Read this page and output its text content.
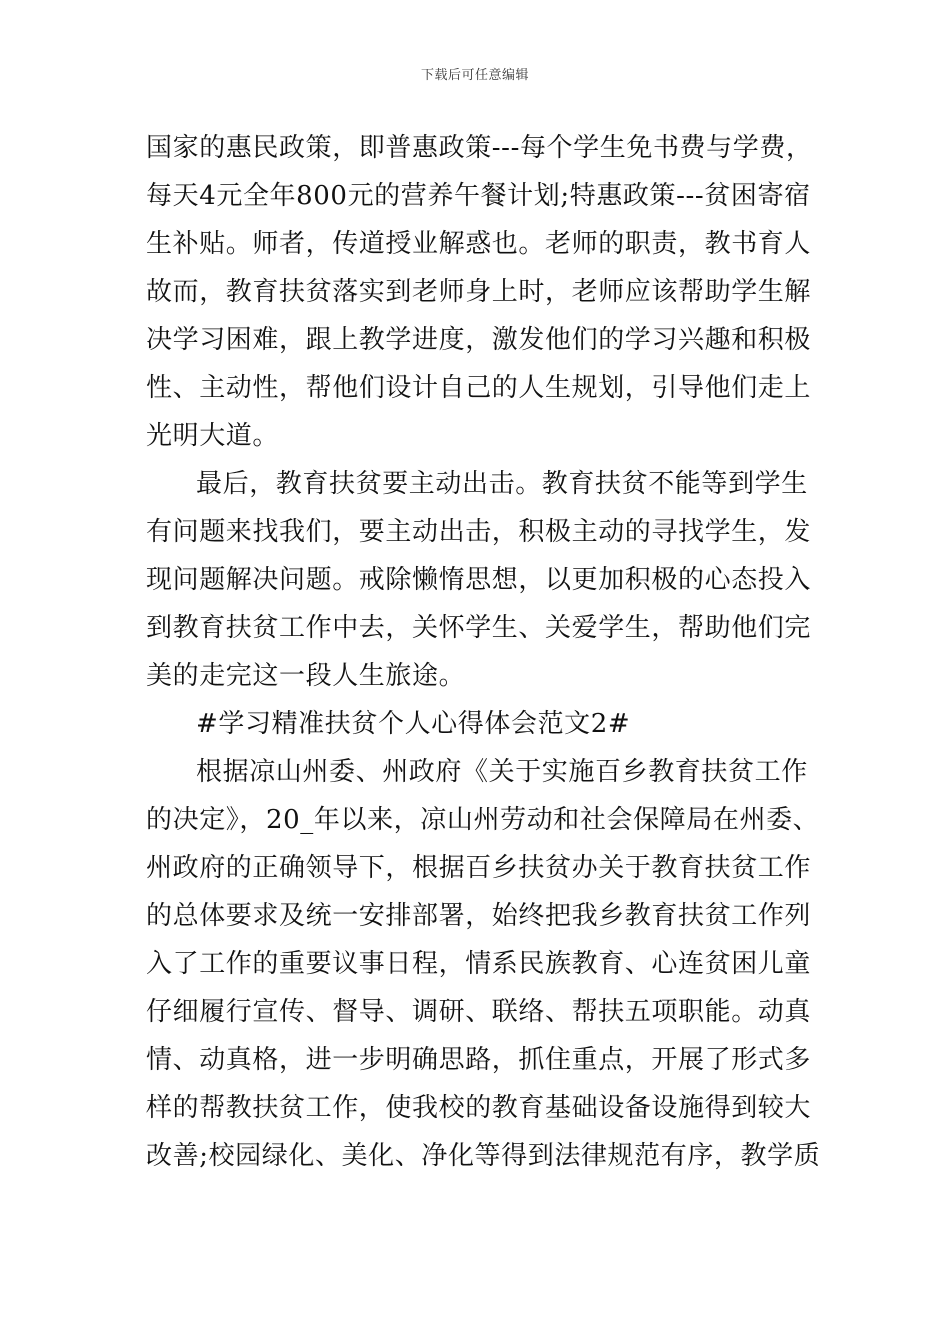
下载后可任意编辑
国家的惠民政策，即普惠政策---每个学生免书费与学费，
每天4元全年800元的营养午餐计划;特惠政策---贫困寄宿
生补贴。师者，传道授业解惑也。老师的职责，教书育人
故而，教育扶贫落实到老师身上时，老师应该帮助学生解
决学习困难，跟上教学进度，激发他们的学习兴趣和积极
性、主动性，帮他们设计自己的人生规划，引导他们走上
光明大道。
最后，教育扶贫要主动出击。教育扶贫不能等到学生
有问题来找我们，要主动出击，积极主动的寻找学生，发
现问题解决问题。戒除懒惰思想，以更加积极的心态投入
到教育扶贫工作中去，关怀学生、关爱学生，帮助他们完
美的走完这一段人生旅途。
#学习精准扶贫个人心得体会范文2#
根据凉山州委、州政府《关于实施百乡教育扶贫工作
的决定》，20_年以来，凉山州劳动和社会保障局在州委、
州政府的正确领导下，根据百乡扶贫办关于教育扶贫工作
的总体要求及统一安排部署，始终把我乡教育扶贫工作列
入了工作的重要议事日程，情系民族教育、心连贫困儿童
仔细履行宣传、督导、调研、联络、帮扶五项职能。动真
情、动真格，进一步明确思路，抓住重点，开展了形式多
样的帮教扶贫工作，使我校的教育基础设备设施得到较大
改善;校园绿化、美化、净化等得到法律规范有序，教学质
